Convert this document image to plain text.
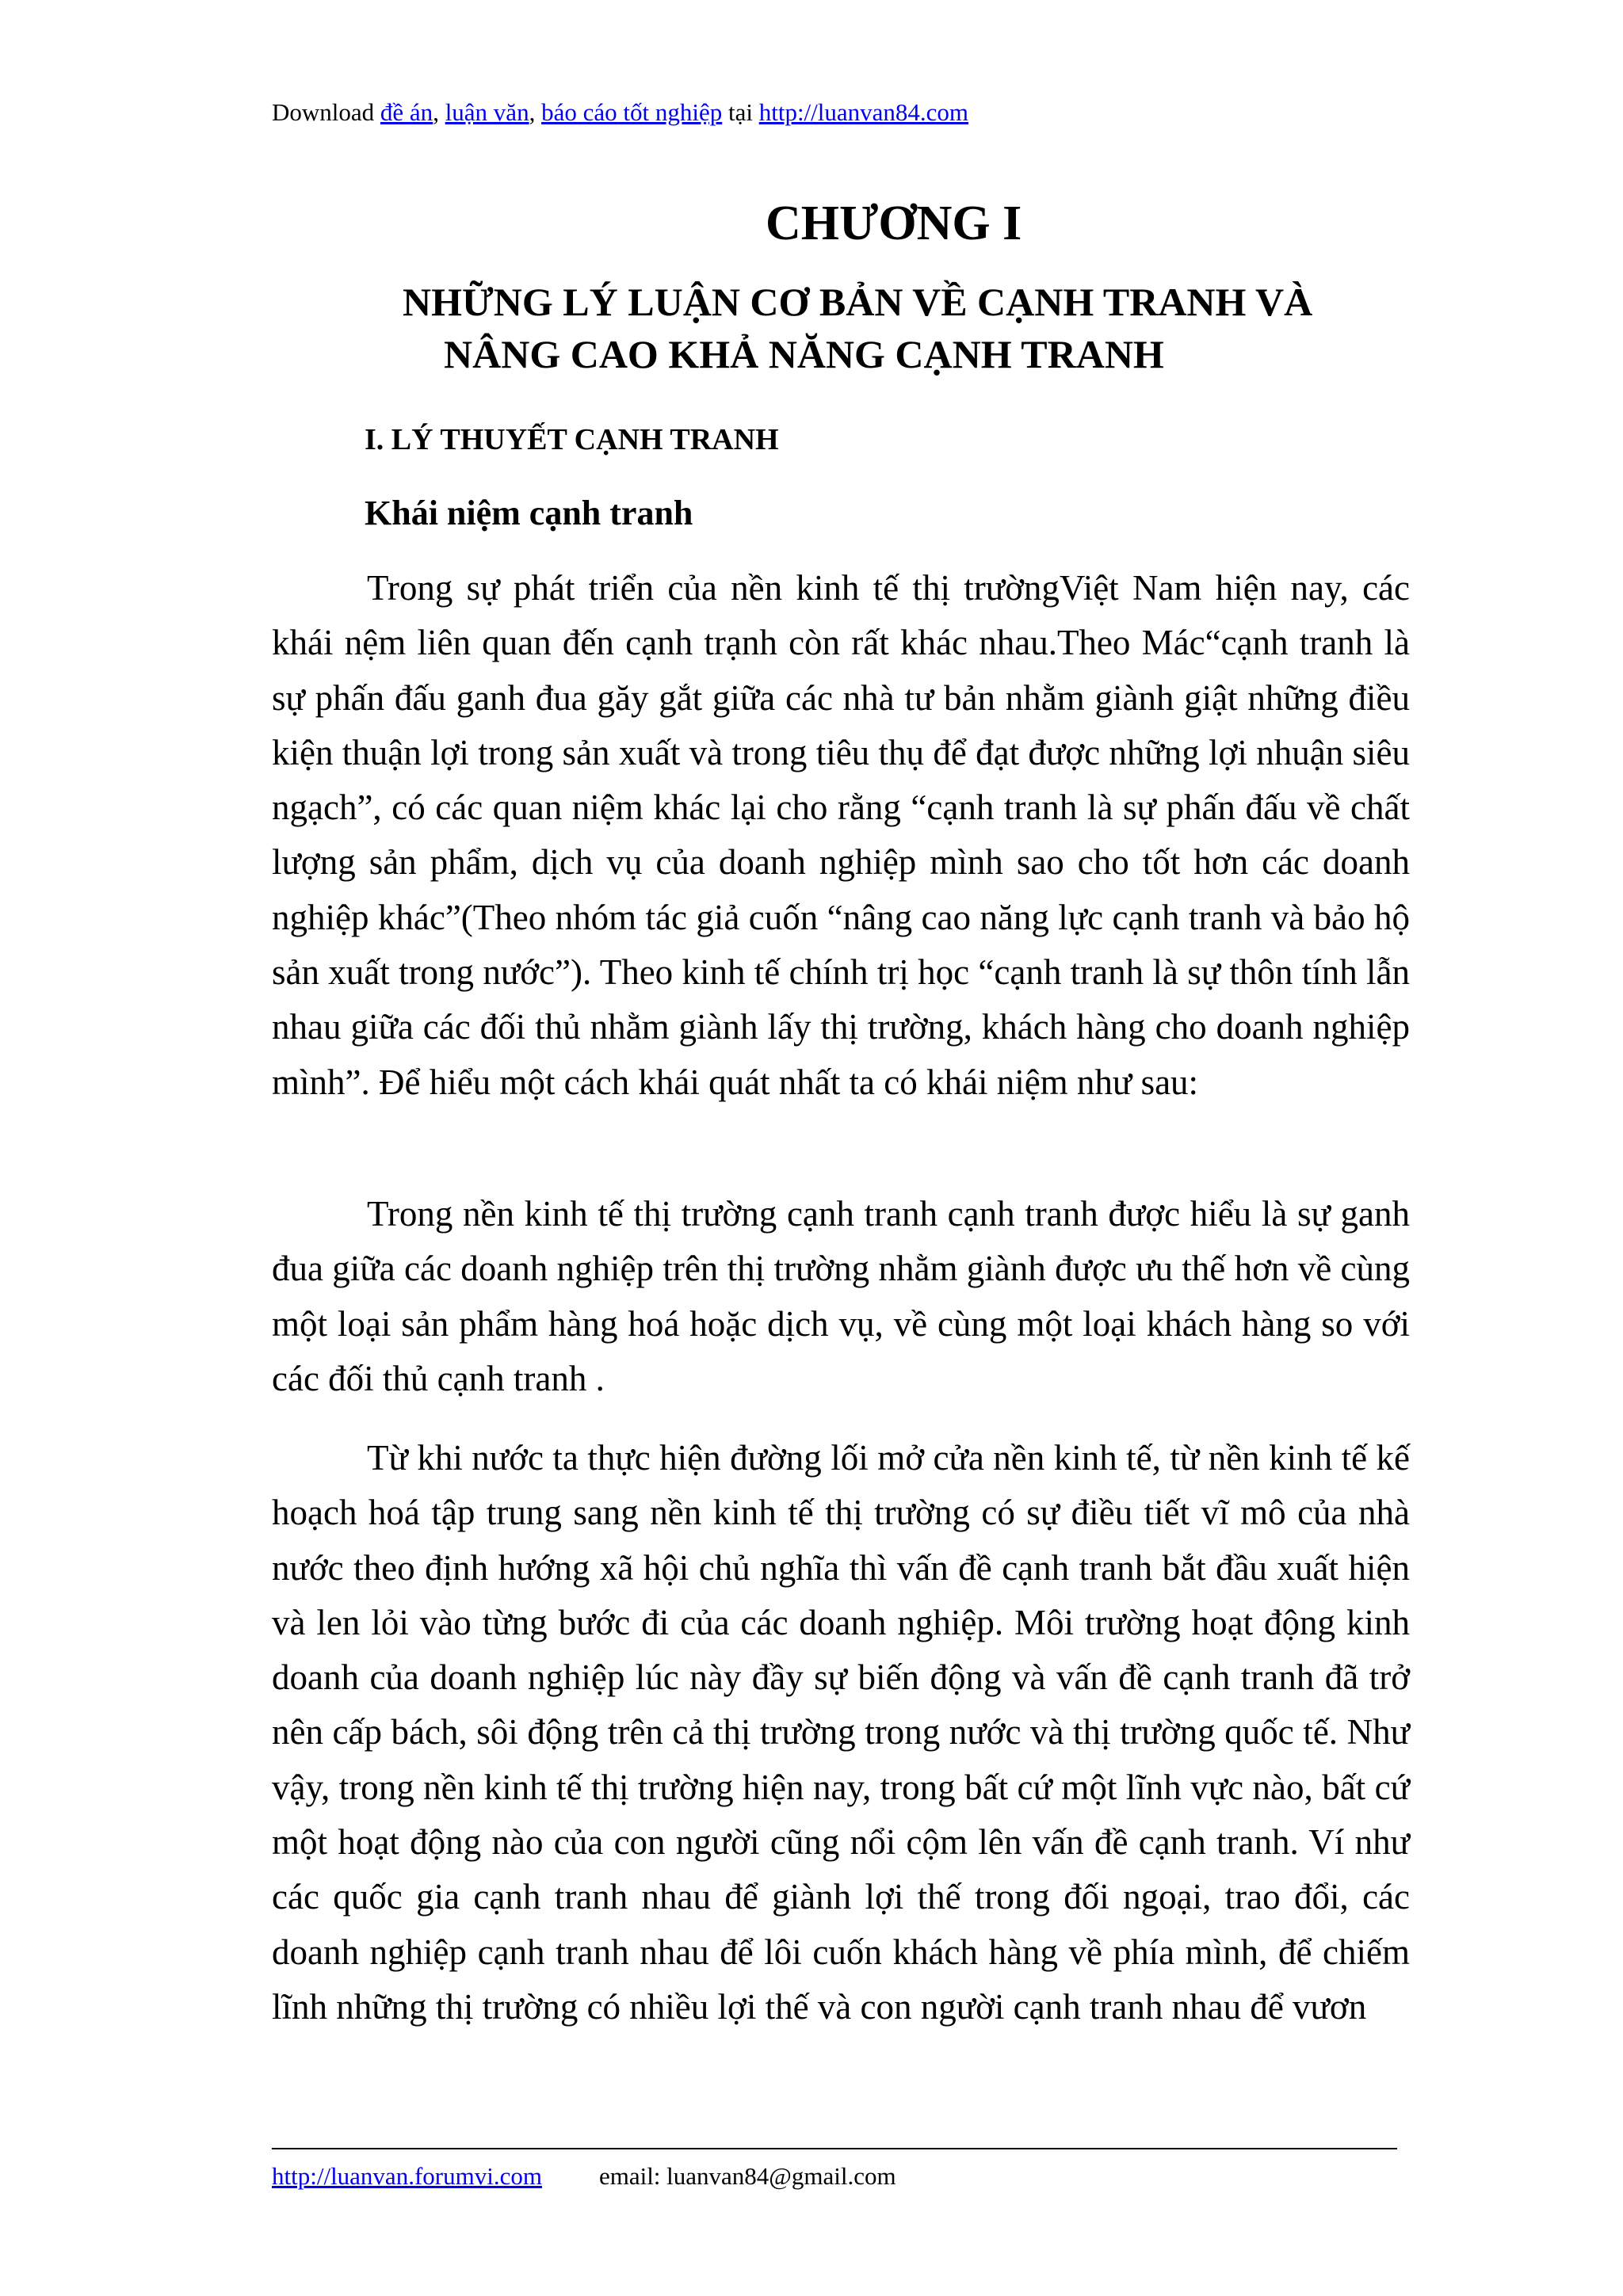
Download đề án, luận văn, báo cáo tốt nghiệp tại http://luanvan84.com
CHƯƠNG I
NHỮNG LÝ LUẬN CƠ BẢN VỀ CẠNH TRANH VÀ
NÂNG CAO KHẢ NĂNG CẠNH TRANH
I. LÝ THUYẾT CẠNH TRANH
Khái niệm cạnh tranh

Trong sự phát triển của nền kinh tế thị trườngViệt Nam hiện nay, các khái nệm liên quan đến cạnh trạnh còn rất khác nhau.Theo Mác“cạnh tranh là sự phấn đấu ganh đua găy gắt giữa các nhà tư bản nhằm giành giật những điều kiện thuận lợi trong sản xuất và trong tiêu thụ để đạt được những lợi nhuận siêu ngạch”, có các quan niệm khác lại cho rằng “cạnh tranh là sự phấn đấu về chất lượng sản phẩm, dịch vụ của doanh nghiệp mình sao cho tốt hơn các doanh nghiệp khác”(Theo nhóm tác giả cuốn “nâng cao năng lực cạnh tranh và bảo hộ sản xuất trong nước”). Theo kinh tế chính trị học “cạnh tranh là sự thôn tính lẫn nhau giữa các đối thủ nhằm giành lấy thị trường, khách hàng cho doanh nghiệp mình”. Để hiểu một cách khái quát nhất ta có khái niệm như sau:

Trong nền kinh tế thị trường cạnh tranh cạnh tranh được hiểu là sự ganh đua giữa các doanh nghiệp trên thị trường nhằm giành được ưu thế hơn về cùng một loại sản phẩm hàng hoá hoặc dịch vụ, về cùng một loại khách hàng so với các đối thủ cạnh tranh .

Từ khi nước ta thực hiện đường lối mở cửa nền kinh tế, từ nền kinh tế kế hoạch hoá tập trung sang nền kinh tế thị trường có sự điều tiết vĩ mô của nhà nước theo định hướng xã hội chủ nghĩa thì vấn đề cạnh tranh bắt đầu xuất hiện và len lỏi vào từng bước đi của các doanh nghiệp. Môi trường hoạt động kinh doanh của doanh nghiệp lúc này đầy sự biến động và vấn đề cạnh tranh đã trở nên cấp bách, sôi động trên cả thị trường trong nước và thị trường quốc tế. Như vậy, trong nền kinh tế thị trường hiện nay, trong bất cứ một lĩnh vực nào, bất cứ một hoạt động nào của con người cũng nổi cộm lên vấn đề cạnh tranh. Ví như các quốc gia cạnh tranh nhau để giành lợi thế trong đối ngoại, trao đổi, các doanh nghiệp cạnh tranh nhau để lôi cuốn khách hàng về phía mình, để chiếm lĩnh những thị trường có nhiều lợi thế và con người cạnh tranh nhau để vươn

http://luanvan.forumvi.com email: luanvan84@gmail.com
